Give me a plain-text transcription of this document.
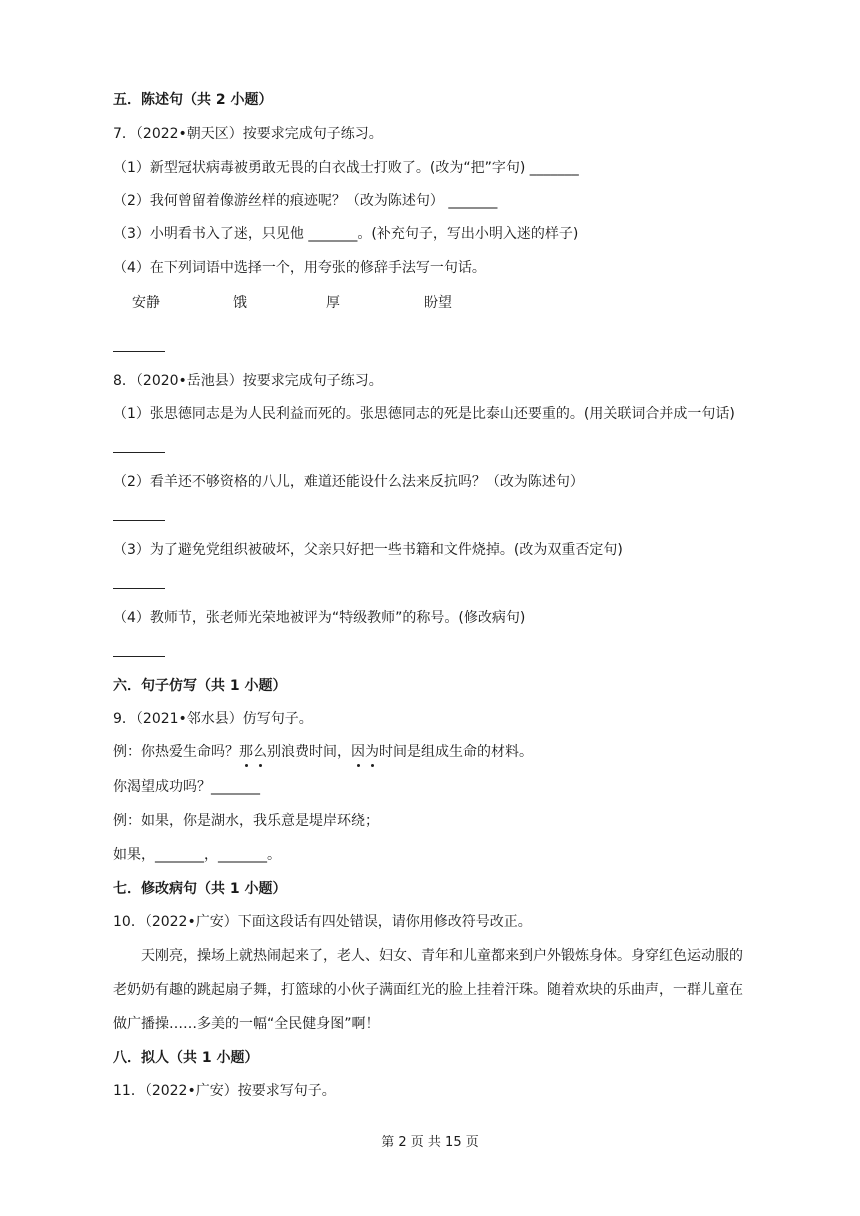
五．陈述句（共 2 小题）
7．（2022•朝天区）按要求完成句子练习。
（1）新型冠状病毒被勇敢无畏的白衣战士打败了。(改为“把”字句) _______
（2）我何曾留着像游丝样的痕迹呢？（改为陈述句） _______
（3）小明看书入了迷，只见他 _______。(补充句子，写出小明入迷的样子)
（4）在下列词语中选择一个，用夸张的修辞手法写一句话。
安静	饿	厚	盼望
8．（2020•岳池县）按要求完成句子练习。
（1）张思德同志是为人民利益而死的。张思德同志的死是比泰山还要重的。(用关联词合并成一句话)
（2）看羊还不够资格的八儿，难道还能设什么法来反抗吗？（改为陈述句）
（3）为了避免党组织被破坏，父亲只好把一些书籍和文件烧掉。(改为双重否定句)
（4）教师节，张老师光荣地被评为“特级教师”的称号。(修改病句)
六．句子仿写（共 1 小题）
9．（2021•邻水县）仿写句子。
例：你热爱生命吗？那么别浪费时间，因为时间是组成生命的材料。
你渴望成功吗？_______
例：如果，你是湖水，我乐意是堤岸环绕；
如果，_______，_______。
七．修改病句（共 1 小题）
10．（2022•广安）下面这段话有四处错误，请你用修改符号改正。
天刚亮，操场上就热闹起来了，老人、妇女、青年和儿童都来到户外锻炼身体。身穿红色运动服的老奶奶有趣的跳起扇子舞，打篮球的小伙子满面红光的脸上挂着汗珠。随着欢块的乐曲声，一群儿童在做广播操……多美的一幅“全民健身图”啊！
八．拟人（共 1 小题）
11．（2022•广安）按要求写句子。
第 2 页 共 15 页
